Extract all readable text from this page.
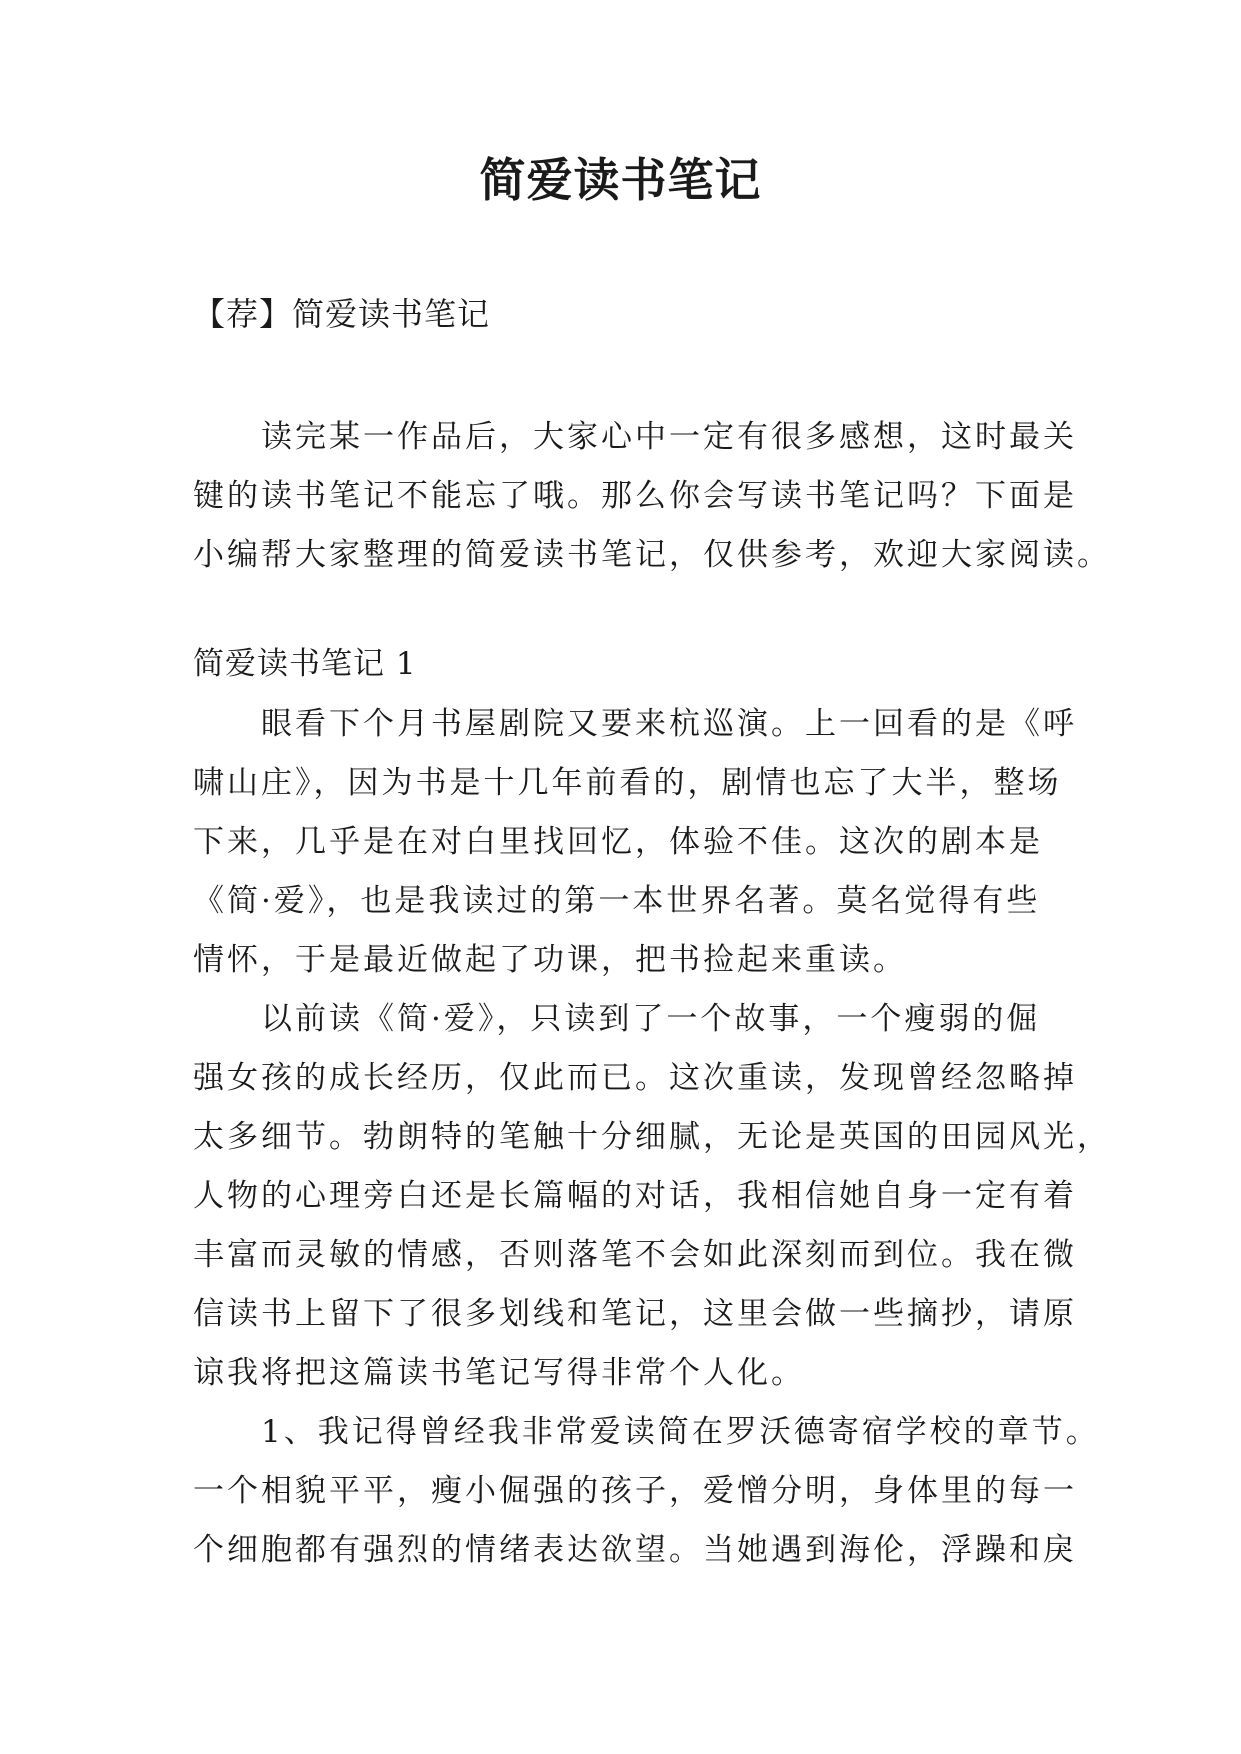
简爱读书笔记

【荐】简爱读书笔记

　　读完某一作品后，大家心中一定有很多感想，这时最关
键的读书笔记不能忘了哦。那么你会写读书笔记吗？下面是
小编帮大家整理的简爱读书笔记，仅供参考，欢迎大家阅读。

简爱读书笔记 1

　　眼看下个月书屋剧院又要来杭巡演。上一回看的是《呼
啸山庄》，因为书是十几年前看的，剧情也忘了大半，整场
下来，几乎是在对白里找回忆，体验不佳。这次的剧本是
《简·爱》，也是我读过的第一本世界名著。莫名觉得有些
情怀，于是最近做起了功课，把书捡起来重读。

　　以前读《简·爱》，只读到了一个故事，一个瘦弱的倔
强女孩的成长经历，仅此而已。这次重读，发现曾经忽略掉
太多细节。勃朗特的笔触十分细腻，无论是英国的田园风光，
人物的心理旁白还是长篇幅的对话，我相信她自身一定有着
丰富而灵敏的情感，否则落笔不会如此深刻而到位。我在微
信读书上留下了很多划线和笔记，这里会做一些摘抄，请原
谅我将把这篇读书笔记写得非常个人化。

　　1、我记得曾经我非常爱读简在罗沃德寄宿学校的章节。
一个相貌平平，瘦小倔强的孩子，爱憎分明，身体里的每一
个细胞都有强烈的情绪表达欲望。当她遇到海伦，浮躁和戾
